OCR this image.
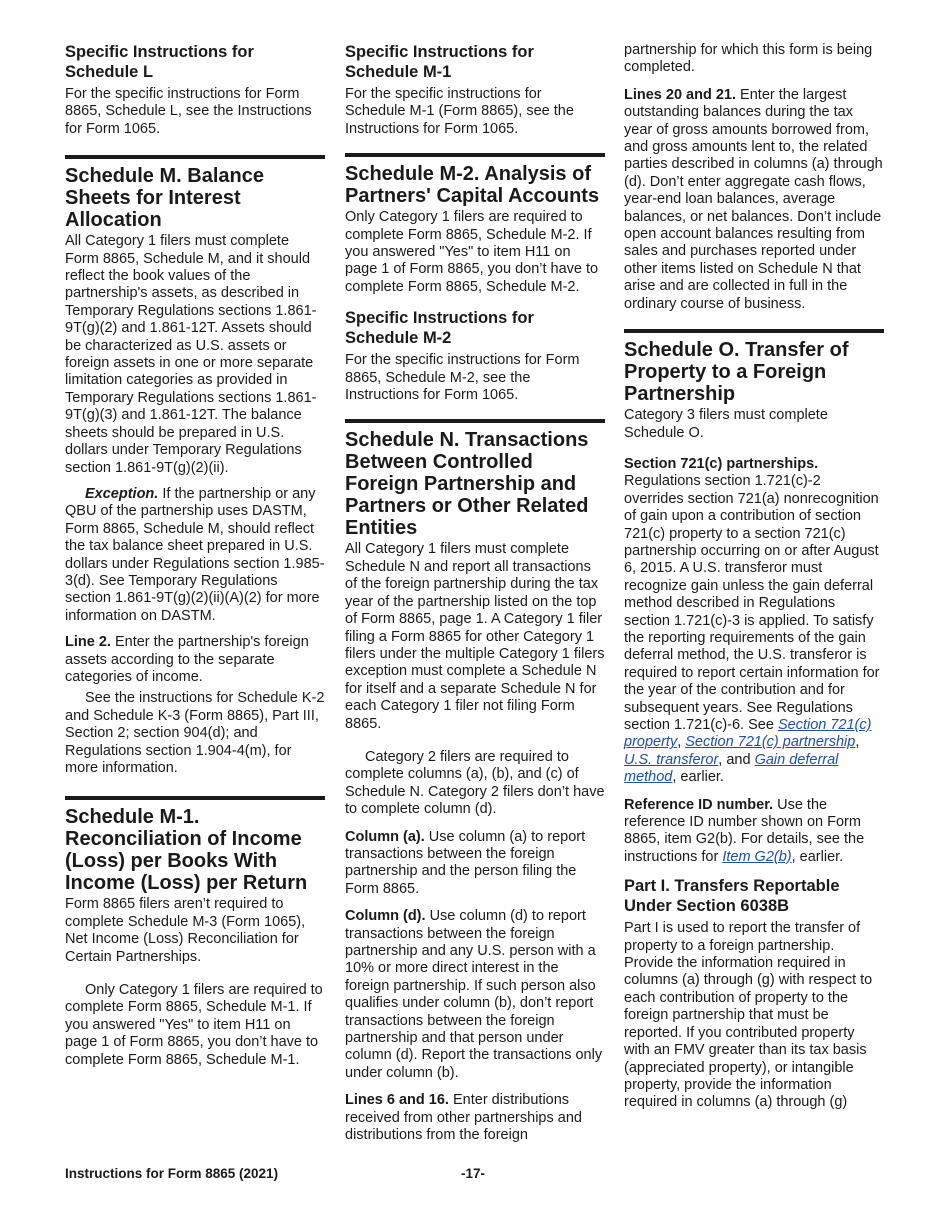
Specific Instructions for Schedule L

For the specific instructions for Form 8865, Schedule L, see the Instructions for Form 1065.

Schedule M. Balance Sheets for Interest Allocation

All Category 1 filers must complete Form 8865, Schedule M, and it should reflect the book values of the partnership's assets, as described in Temporary Regulations sections 1.861-9T(g)(2) and 1.861-12T. Assets should be characterized as U.S. assets or foreign assets in one or more separate limitation categories as provided in Temporary Regulations sections 1.861-9T(g)(3) and 1.861-12T. The balance sheets should be prepared in U.S. dollars under Temporary Regulations section 1.861-9T(g)(2)(ii).

Exception. If the partnership or any QBU of the partnership uses DASTM, Form 8865, Schedule M, should reflect the tax balance sheet prepared in U.S. dollars under Regulations section 1.985-3(d). See Temporary Regulations section 1.861-9T(g)(2)(ii)(A)(2) for more information on DASTM.

Line 2. Enter the partnership's foreign assets according to the separate categories of income.

See the instructions for Schedule K-2 and Schedule K-3 (Form 8865), Part III, Section 2; section 904(d); and Regulations section 1.904-4(m), for more information.

Schedule M-1. Reconciliation of Income (Loss) per Books With Income (Loss) per Return

Form 8865 filers aren’t required to complete Schedule M-3 (Form 1065), Net Income (Loss) Reconciliation for Certain Partnerships.

Only Category 1 filers are required to complete Form 8865, Schedule M-1. If you answered "Yes" to item H11 on page 1 of Form 8865, you don’t have to complete Form 8865, Schedule M-1.

Specific Instructions for Schedule M-1

For the specific instructions for Schedule M-1 (Form 8865), see the Instructions for Form 1065.

Schedule M-2. Analysis of Partners' Capital Accounts

Only Category 1 filers are required to complete Form 8865, Schedule M-2. If you answered "Yes" to item H11 on page 1 of Form 8865, you don’t have to complete Form 8865, Schedule M-2.

Specific Instructions for Schedule M-2

For the specific instructions for Form 8865, Schedule M-2, see the Instructions for Form 1065.

Schedule N. Transactions Between Controlled Foreign Partnership and Partners or Other Related Entities

All Category 1 filers must complete Schedule N and report all transactions of the foreign partnership during the tax year of the partnership listed on the top of Form 8865, page 1. A Category 1 filer filing a Form 8865 for other Category 1 filers under the multiple Category 1 filers exception must complete a Schedule N for itself and a separate Schedule N for each Category 1 filer not filing Form 8865.

Category 2 filers are required to complete columns (a), (b), and (c) of Schedule N. Category 2 filers don’t have to complete column (d).

Column (a). Use column (a) to report transactions between the foreign partnership and the person filing the Form 8865.

Column (d). Use column (d) to report transactions between the foreign partnership and any U.S. person with a 10% or more direct interest in the foreign partnership. If such person also qualifies under column (b), don’t report transactions between the foreign partnership and that person under column (d). Report the transactions only under column (b).

Lines 6 and 16. Enter distributions received from other partnerships and distributions from the foreign

partnership for which this form is being completed.

Lines 20 and 21. Enter the largest outstanding balances during the tax year of gross amounts borrowed from, and gross amounts lent to, the related parties described in columns (a) through (d). Don’t enter aggregate cash flows, year-end loan balances, average balances, or net balances. Don’t include open account balances resulting from sales and purchases reported under other items listed on Schedule N that arise and are collected in full in the ordinary course of business.

Schedule O. Transfer of Property to a Foreign Partnership

Category 3 filers must complete Schedule O.

Section 721(c) partnerships.
Regulations section 1.721(c)-2 overrides section 721(a) nonrecognition of gain upon a contribution of section 721(c) property to a section 721(c) partnership occurring on or after August 6, 2015. A U.S. transferor must recognize gain unless the gain deferral method described in Regulations section 1.721(c)-3 is applied. To satisfy the reporting requirements of the gain deferral method, the U.S. transferor is required to report certain information for the year of the contribution and for subsequent years. See Regulations section 1.721(c)-6. See Section 721(c) property, Section 721(c) partnership, U.S. transferor, and Gain deferral method, earlier.

Reference ID number. Use the reference ID number shown on Form 8865, item G2(b). For details, see the instructions for Item G2(b), earlier.

Part I. Transfers Reportable Under Section 6038B

Part I is used to report the transfer of property to a foreign partnership. Provide the information required in columns (a) through (g) with respect to each contribution of property to the foreign partnership that must be reported. If you contributed property with an FMV greater than its tax basis (appreciated property), or intangible property, provide the information required in columns (a) through (g)

Instructions for Form 8865 (2021)	-17-
